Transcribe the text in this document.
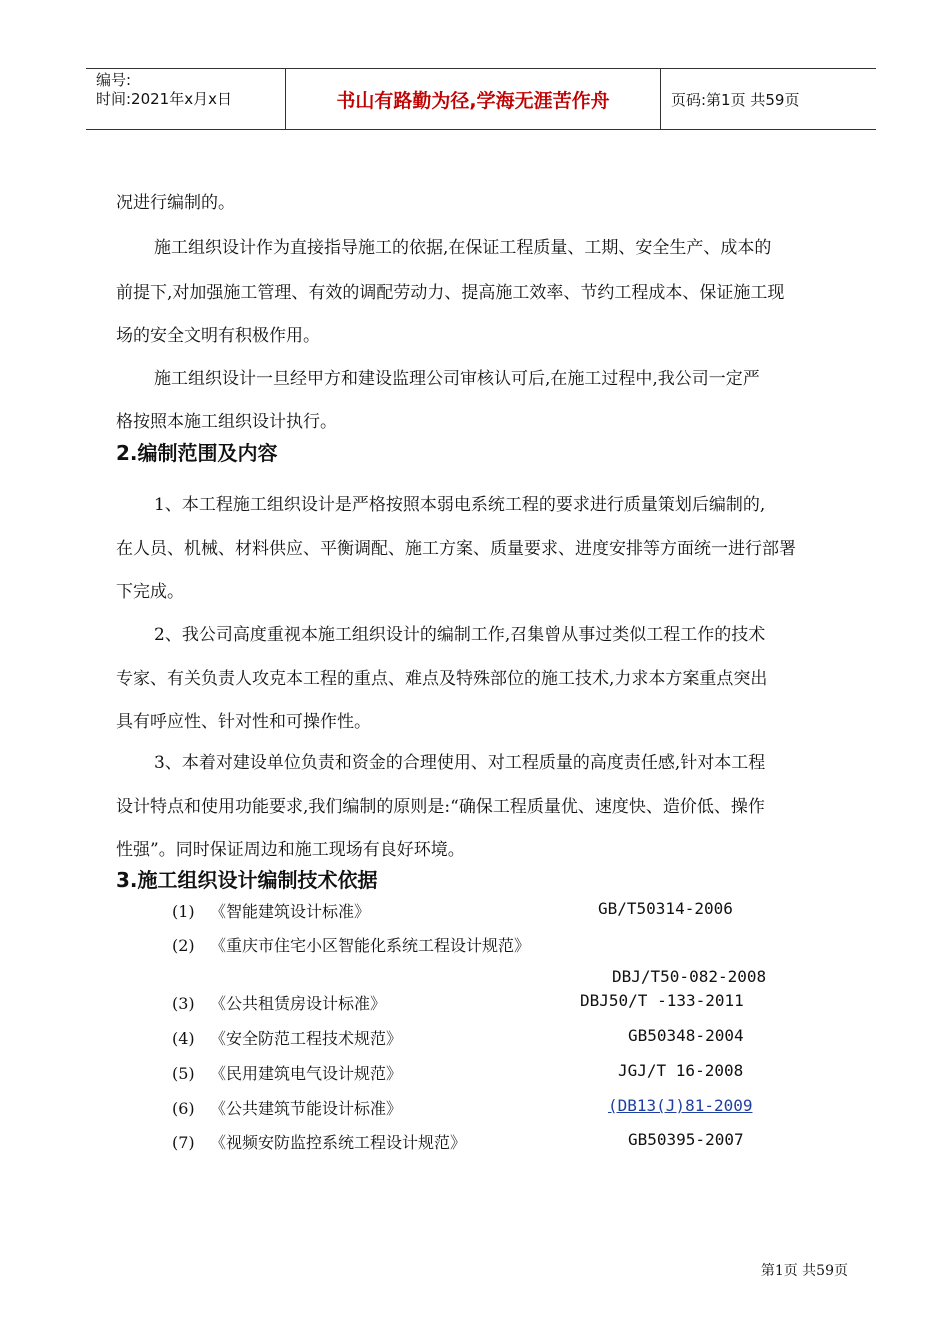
编号:
时间:2021年x月x日	书山有路勤为径,学海无涯苦作舟	页码:第1页 共59页
况进行编制的。
施工组织设计作为直接指导施工的依据,在保证工程质量、工期、安全生产、成本的
前提下,对加强施工管理、有效的调配劳动力、提高施工效率、节约工程成本、保证施工现
场的安全文明有积极作用。
施工组织设计一旦经甲方和建设监理公司审核认可后,在施工过程中,我公司一定严
格按照本施工组织设计执行。
2.编制范围及内容
1、本工程施工组织设计是严格按照本弱电系统工程的要求进行质量策划后编制的,
在人员、机械、材料供应、平衡调配、施工方案、质量要求、进度安排等方面统一进行部署
下完成。
2、我公司高度重视本施工组织设计的编制工作,召集曾从事过类似工程工作的技术
专家、有关负责人攻克本工程的重点、难点及特殊部位的施工技术,力求本方案重点突出
具有呼应性、针对性和可操作性。
3、本着对建设单位负责和资金的合理使用、对工程质量的高度责任感,针对本工程
设计特点和使用功能要求,我们编制的原则是:“确保工程质量优、速度快、造价低、操作
性强”。同时保证周边和施工现场有良好环境。
3.施工组织设计编制技术依据
(1) 《智能建筑设计标准》	GB/T50314-2006
(2) 《重庆市住宅小区智能化系统工程设计规范》
DBJ/T50-082-2008
(3) 《公共租赁房设计标准》	DBJ50/T -133-2011
(4) 《安全防范工程技术规范》	GB50348-2004
(5) 《民用建筑电气设计规范》	JGJ/T 16-2008
(6) 《公共建筑节能设计标准》	(DB13(J)81-2009
(7) 《视频安防监控系统工程设计规范》	GB50395-2007
第1页 共59页
